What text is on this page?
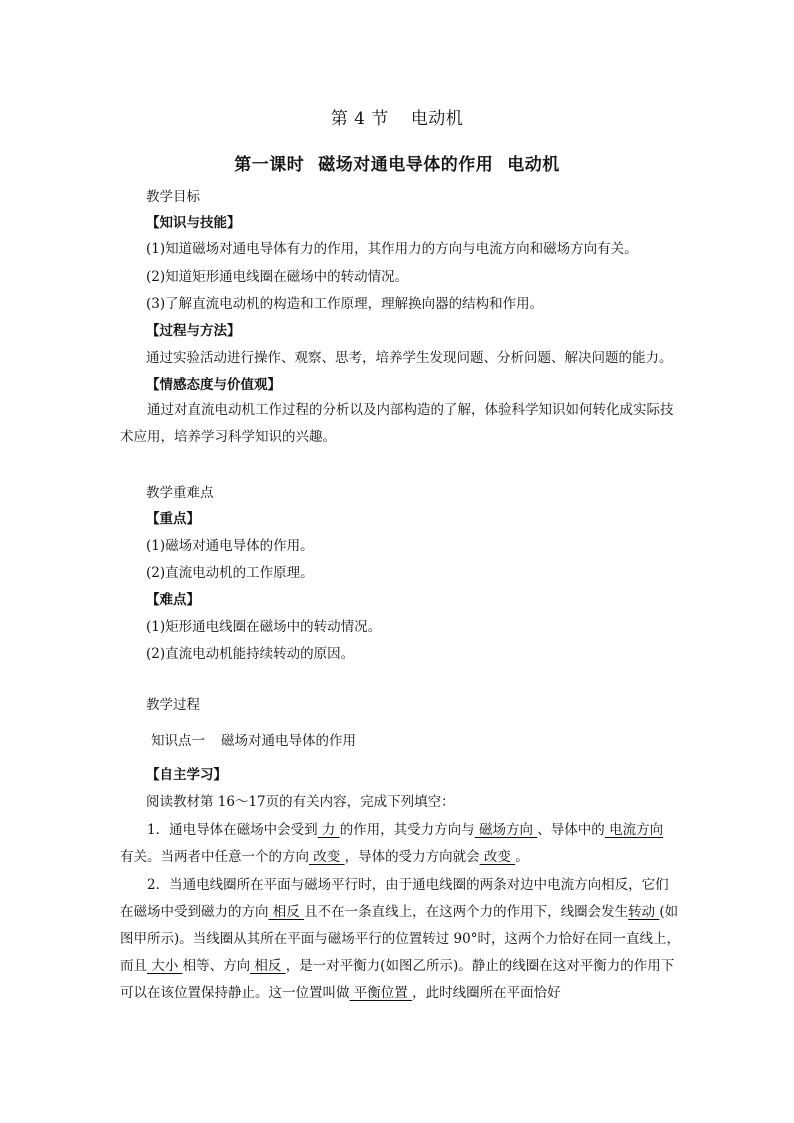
第 4 节 电动机
第一课时 磁场对通电导体的作用 电动机
教学目标
【知识与技能】
(1)知道磁场对通电导体有力的作用，其作用力的方向与电流方向和磁场方向有关。
(2)知道矩形通电线圈在磁场中的转动情况。
(3)了解直流电动机的构造和工作原理，理解换向器的结构和作用。
【过程与方法】
通过实验活动进行操作、观察、思考，培养学生发现问题、分析问题、解决问题的能力。
【情感态度与价值观】

通过对直流电动机工作过程的分析以及内部构造的了解，体验科学知识如何转化成实际技术应用，培养学习科学知识的兴趣。

教学重难点
【重点】
(1)磁场对通电导体的作用。
(2)直流电动机的工作原理。
【难点】
(1)矩形通电线圈在磁场中的转动情况。
(2)直流电动机能持续转动的原因。
教学过程
知识点一 磁场对通电导体的作用
【自主学习】
阅读教材第 16～17页的有关内容，完成下列填空：

1．通电导体在磁场中会受到 力 的作用，其受力方向与 磁场方向 、导体中的 电流方向 有关。当两者中任意一个的方向 改变 ，导体的受力方向就会 改变 。

2．当通电线圈所在平面与磁场平行时，由于通电线圈的两条对边中电流方向相反，它们在磁场中受到磁力的方向 相反 且不在一条直线上，在这两个力的作用下，线圈会发生转动 (如图甲所示)。当线圈从其所在平面与磁场平行的位置转过 90°时，这两个力恰好在同一直线上，而且 大小 相等、方向 相反 ，是一对平衡力(如图乙所示)。静止的线圈在这对平衡力的作用下可以在该位置保持静止。这一位置叫做 平衡位置 ，此时线圈所在平面恰好
